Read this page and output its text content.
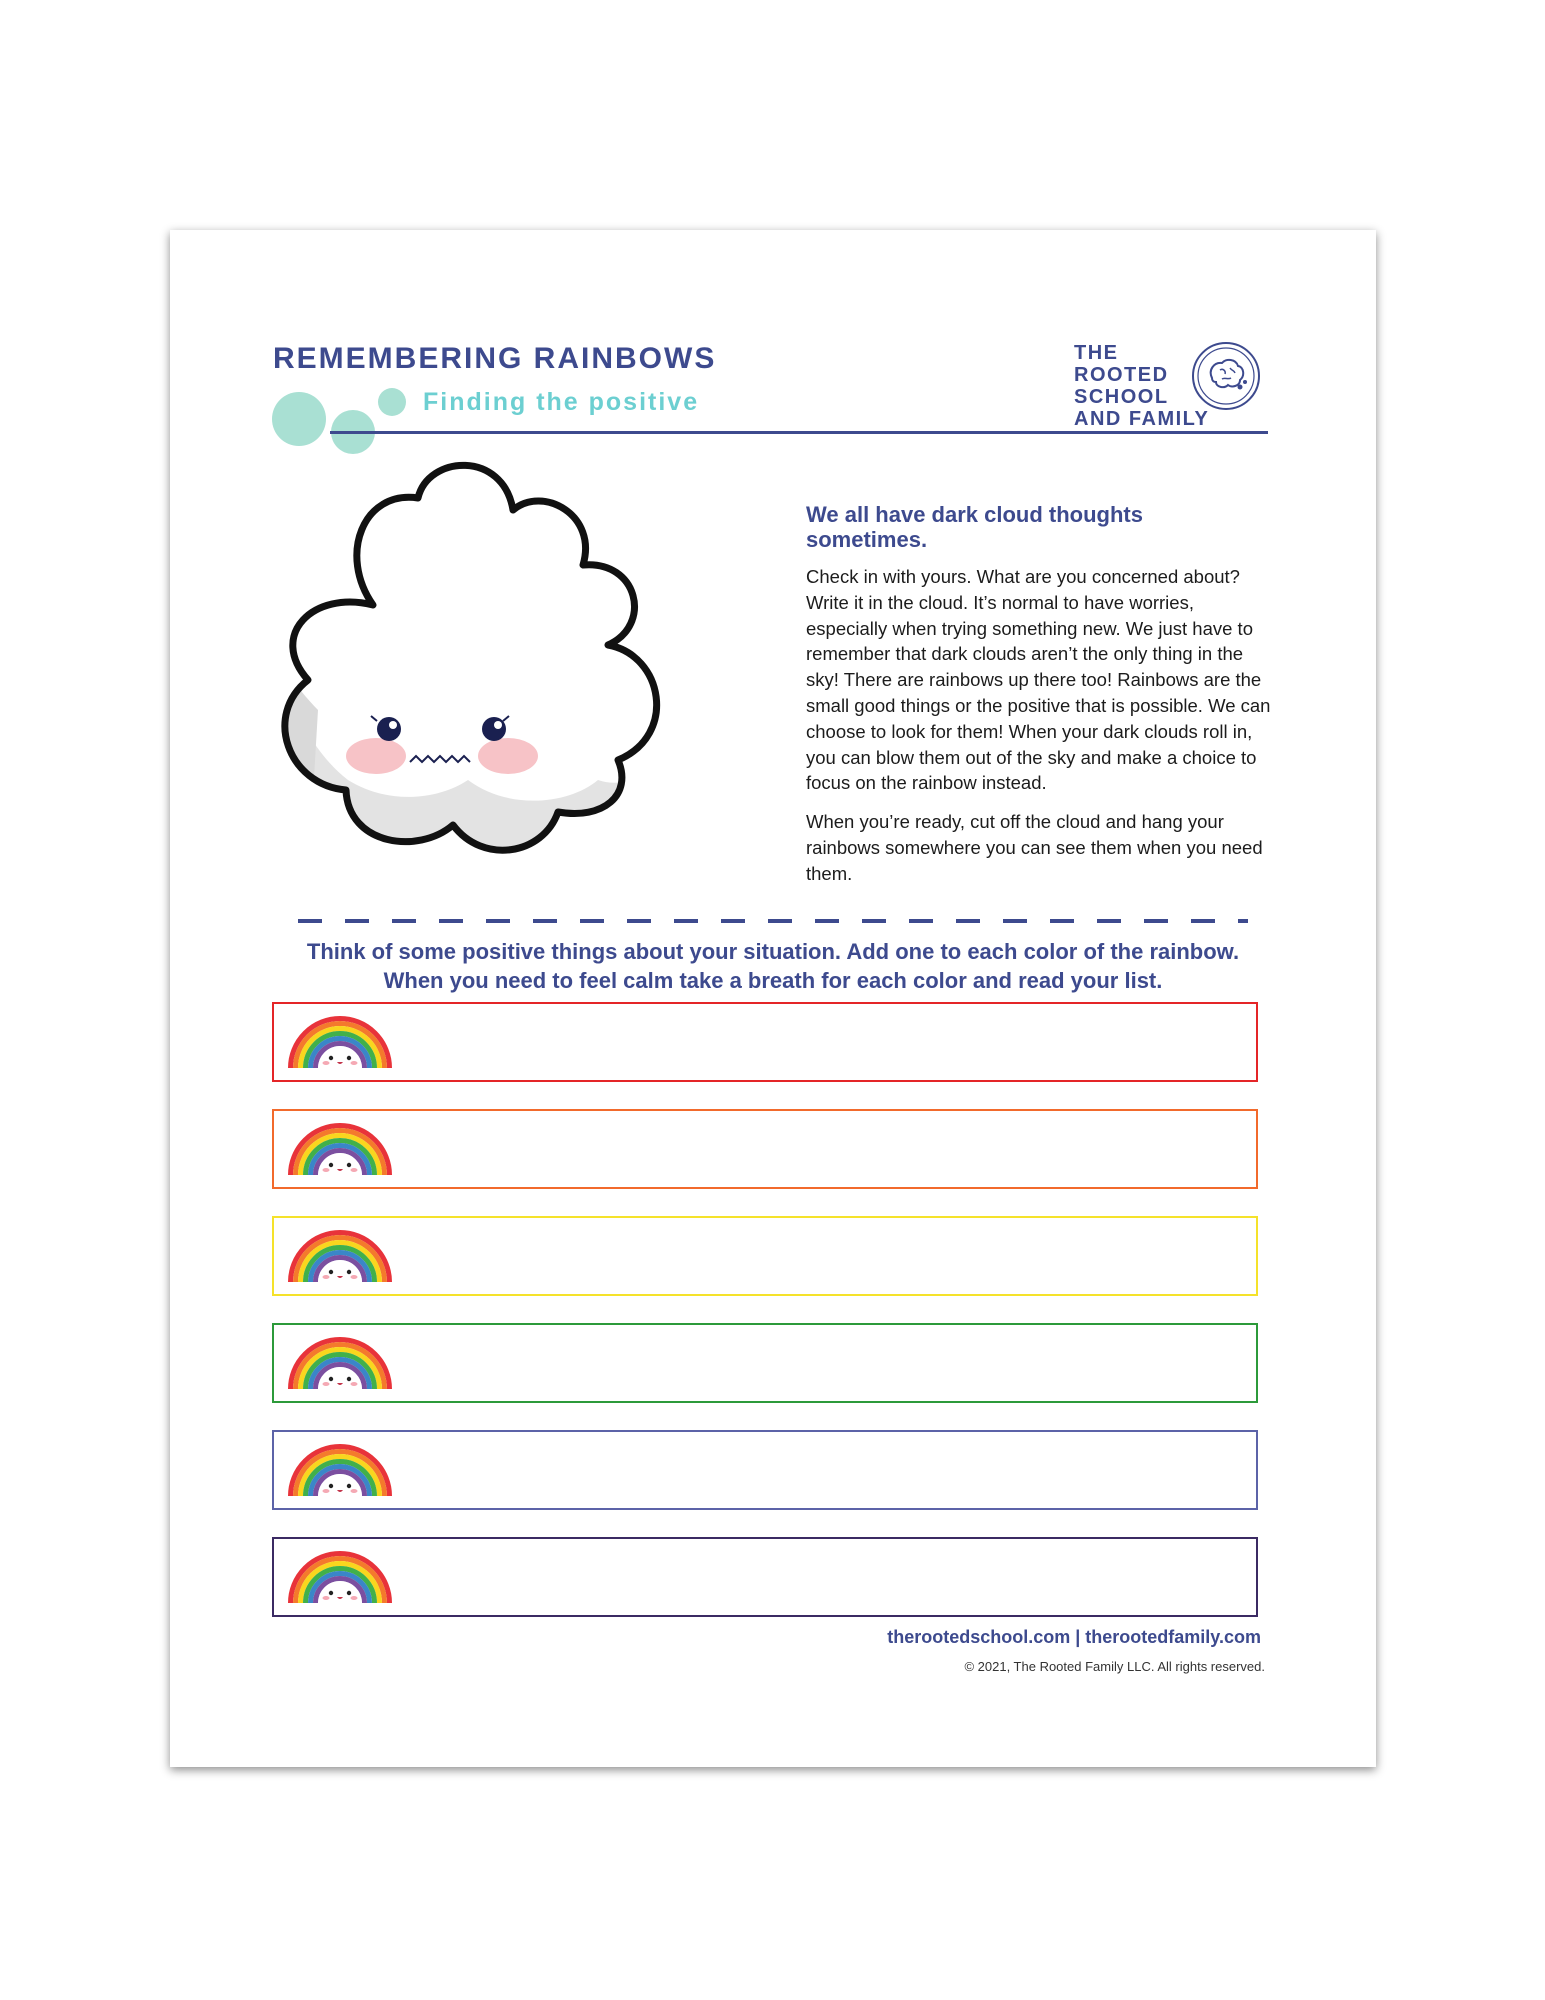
REMEMBERING RAINBOWS
Finding the positive
THE
ROOTED
SCHOOL
AND FAMILY
We all have dark cloud thoughts sometimes.

Check in with yours. What are you concerned about? Write it in the cloud. It’s normal to have worries, especially when trying something new. We just have to remember that dark clouds aren’t the only thing in the sky! There are rainbows up there too! Rainbows are the small good things or the positive that is possible. We can choose to look for them! When your dark clouds roll in, you can blow them out of the sky and make a choice to focus on the rainbow instead.

When you’re ready, cut off the cloud and hang your rainbows somewhere you can see them when you need them.

Think of some positive things about your situation. Add one to each color of the rainbow.
When you need to feel calm take a breath for each color and read your list.
therootedschool.com | therootedfamily.com
© 2021, The Rooted Family LLC. All rights reserved.
